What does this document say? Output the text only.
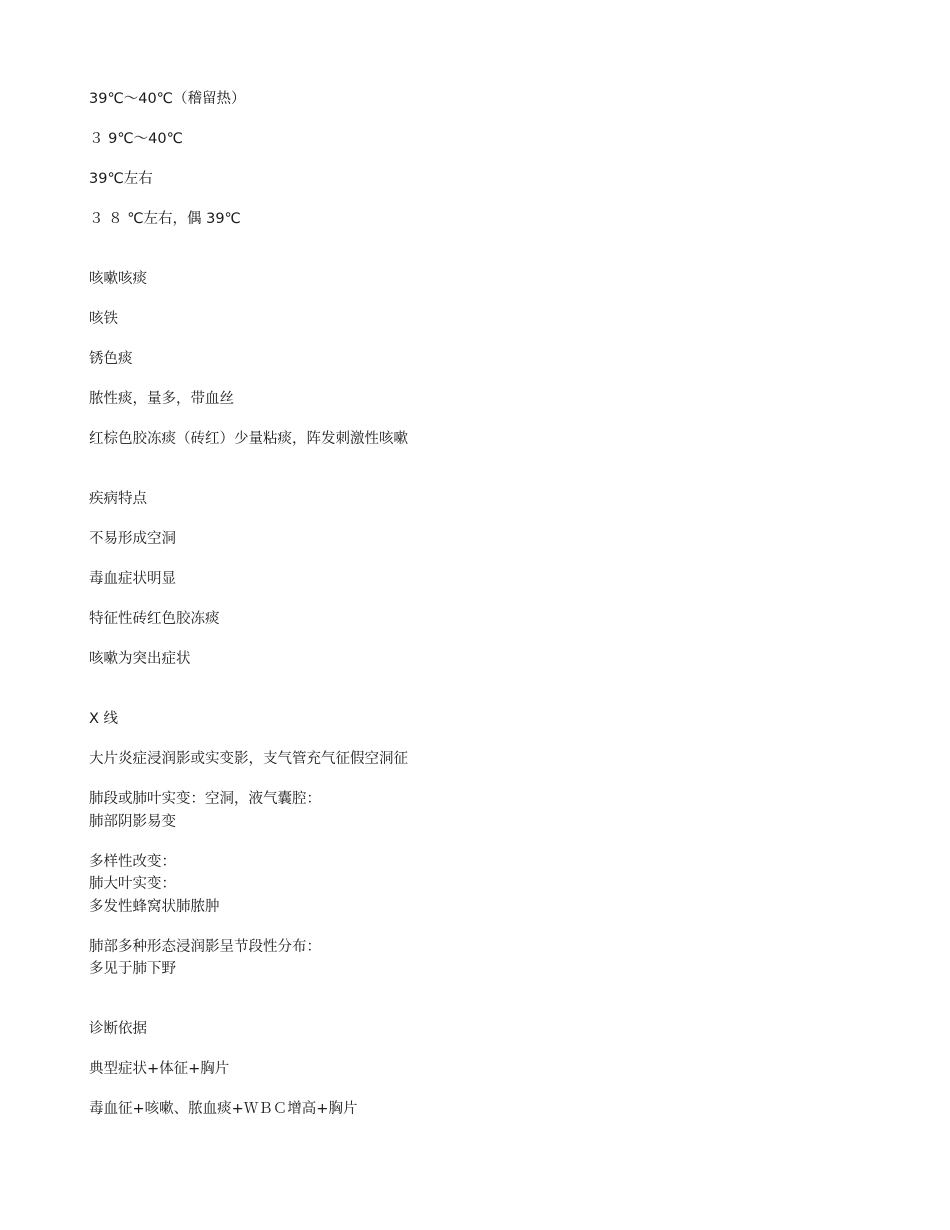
39℃～40℃（稽留热）

３ 9℃～40℃

39℃左右

３ ８ ℃左右，偶 39℃

咳嗽咳痰

咳铁

锈色痰

脓性痰，量多，带血丝

红棕色胶冻痰（砖红）少量粘痰，阵发刺激性咳嗽

疾病特点

不易形成空洞

毒血症状明显

特征性砖红色胶冻痰

咳嗽为突出症状

X 线

大片炎症浸润影或实变影，支气管充气征假空洞征

肺段或肺叶实变：空洞，液气囊腔：

肺部阴影易变

多样性改变：

肺大叶实变：

多发性蜂窝状肺脓肿

肺部多种形态浸润影呈节段性分布：

多见于肺下野

诊断依据

典型症状+体征+胸片

毒血征+咳嗽、脓血痰+ＷＢＣ增高+胸片
